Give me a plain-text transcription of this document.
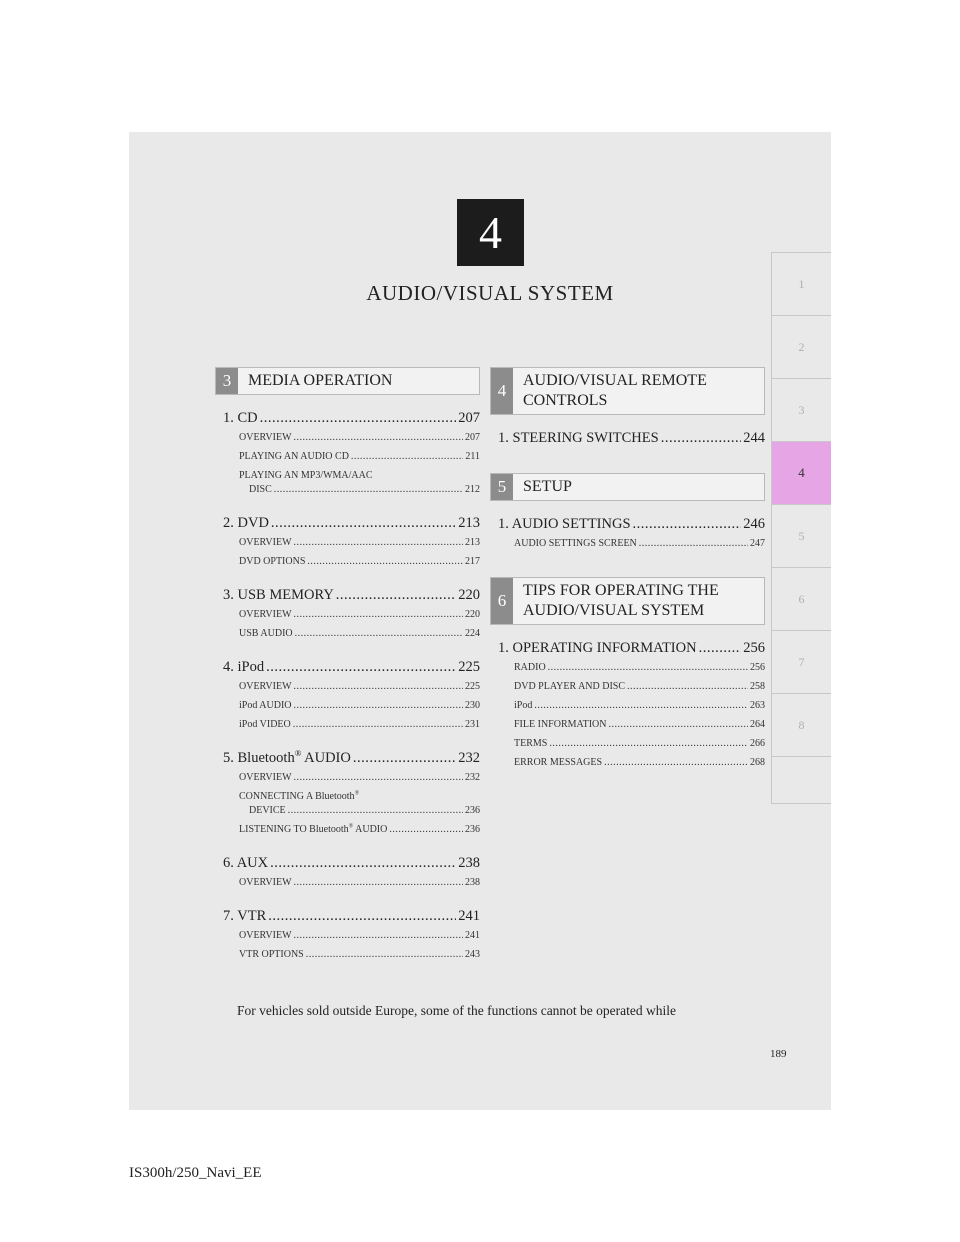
4
AUDIO/VISUAL SYSTEM	1
2
3
4
5
6
7
8
3	MEDIA OPERATION
1. CD .....	207
OVERVIEW .....	207
PLAYING AN AUDIO CD .....	211
PLAYING AN MP3/WMA/AAC
DISC .....	212
2. DVD .....	213
OVERVIEW .....	213
DVD OPTIONS .....	217
3. USB MEMORY .....	220
OVERVIEW .....	220
USB AUDIO .....	224
4. iPod .....	225
OVERVIEW .....	225
iPod AUDIO .....	230
iPod VIDEO .....	231
5. Bluetooth® AUDIO .....	232
OVERVIEW .....	232
CONNECTING A Bluetooth®
DEVICE .....	236
LISTENING TO Bluetooth® AUDIO .....	236
6. AUX .....	238
OVERVIEW .....	238
7. VTR .....	241
OVERVIEW .....	241
VTR OPTIONS .....	243
4
AUDIO/VISUAL REMOTE CONTROLS
1. STEERING SWITCHES .....	244
5	SETUP
1. AUDIO SETTINGS .....	246
AUDIO SETTINGS SCREEN .....	247
6
TIPS FOR OPERATING THE AUDIO/VISUAL SYSTEM
1. OPERATING INFORMATION .....	256
RADIO .....	256
DVD PLAYER AND DISC .....	258
iPod .....	263
FILE INFORMATION .....	264
TERMS .....	266
ERROR MESSAGES .....	268
For vehicles sold outside Europe, some of the functions cannot be operated while
189
IS300h/250_Navi_EE
